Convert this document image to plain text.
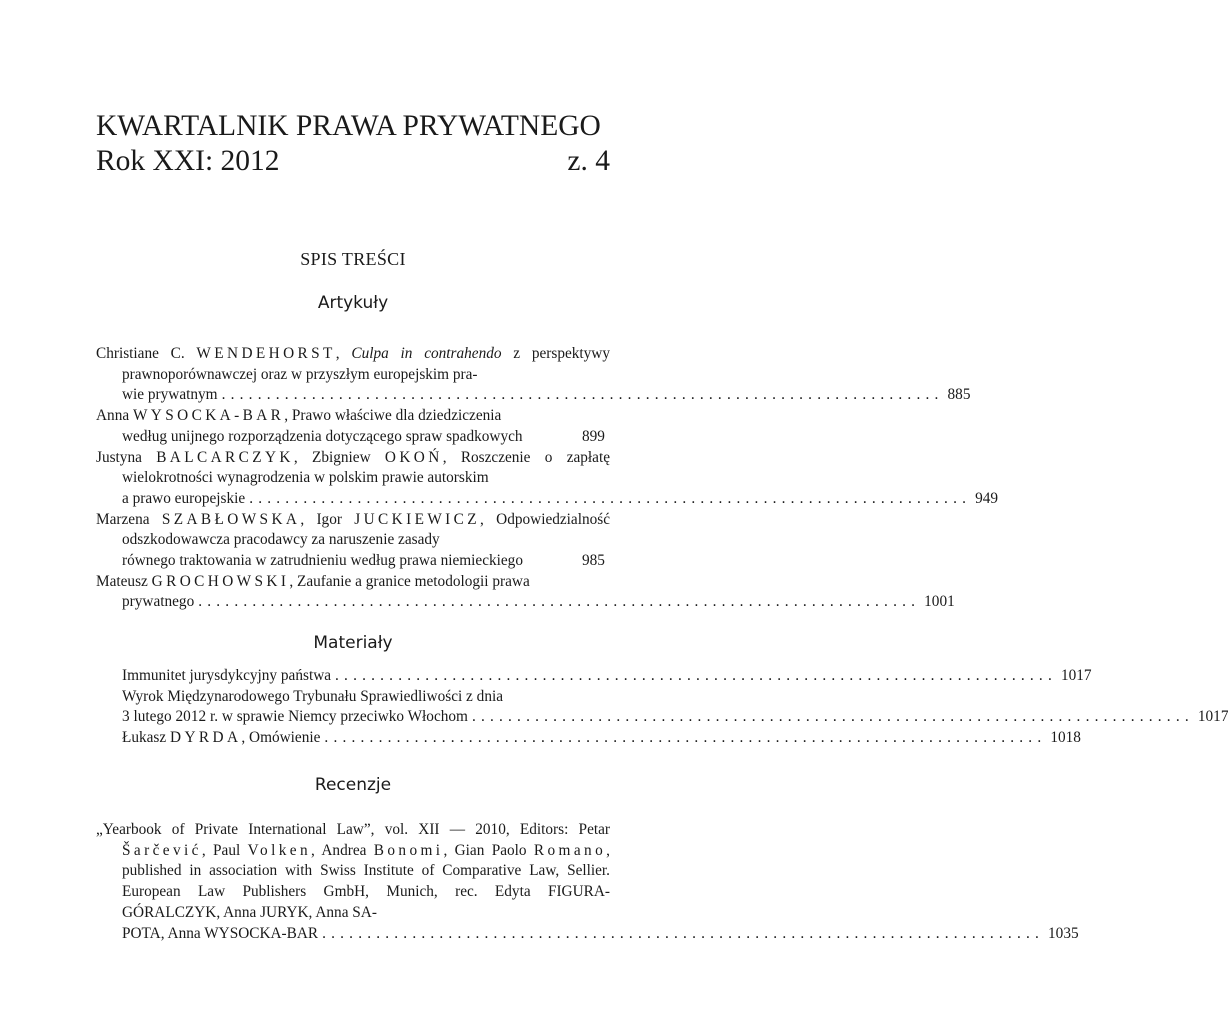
KWARTALNIK PRAWA PRYWATNEGO
Rok XXI: 2012	z. 4
SPIS TREŚCI
Artykuły
Christiane C. WENDEHORST, Culpa in contrahendo z perspektywy prawnoporównawczej oraz w przyszłym europejskim pra-
wie prywatnym ................................................................................ 885
Anna WYSOCKA-BAR, Prawo właściwe dla dziedziczenia
według unijnego rozporządzenia dotyczącego spraw spadkowych	899
Justyna BALCARCZYK, Zbigniew OKOŃ, Roszczenie o zapłatę wielokrotności wynagrodzenia w polskim prawie autorskim
a prawo europejskie ................................................................................ 949
Marzena SZABŁOWSKA, Igor JUCKIEWICZ, Odpowiedzialność odszkodowawcza pracodawcy za naruszenie zasady
równego traktowania w zatrudnieniu według prawa niemieckiego	985
Mateusz GROCHOWSKI, Zaufanie a granice metodologii prawa
prywatnego ................................................................................ 1001
Materiały
Immunitet jurysdykcyjny państwa ................................................................................ 1017
Wyrok Międzynarodowego Trybunału Sprawiedliwości z dnia
3 lutego 2012 r. w sprawie Niemcy przeciwko Włochom ................................................................................ 1017
Łukasz DYRDA, Omówienie ................................................................................ 1018
Recenzje
„Yearbook of Private International Law”, vol. XII — 2010, Editors: Petar Šarčević, Paul Volken, Andrea Bonomi, Gian Paolo Romano, published in association with Swiss Institute of Comparative Law, Sellier. European Law Publishers GmbH, Munich, rec. Edyta FIGURA-GÓRALCZYK, Anna JURYK, Anna SA-
POTA, Anna WYSOCKA-BAR ................................................................................ 1035
